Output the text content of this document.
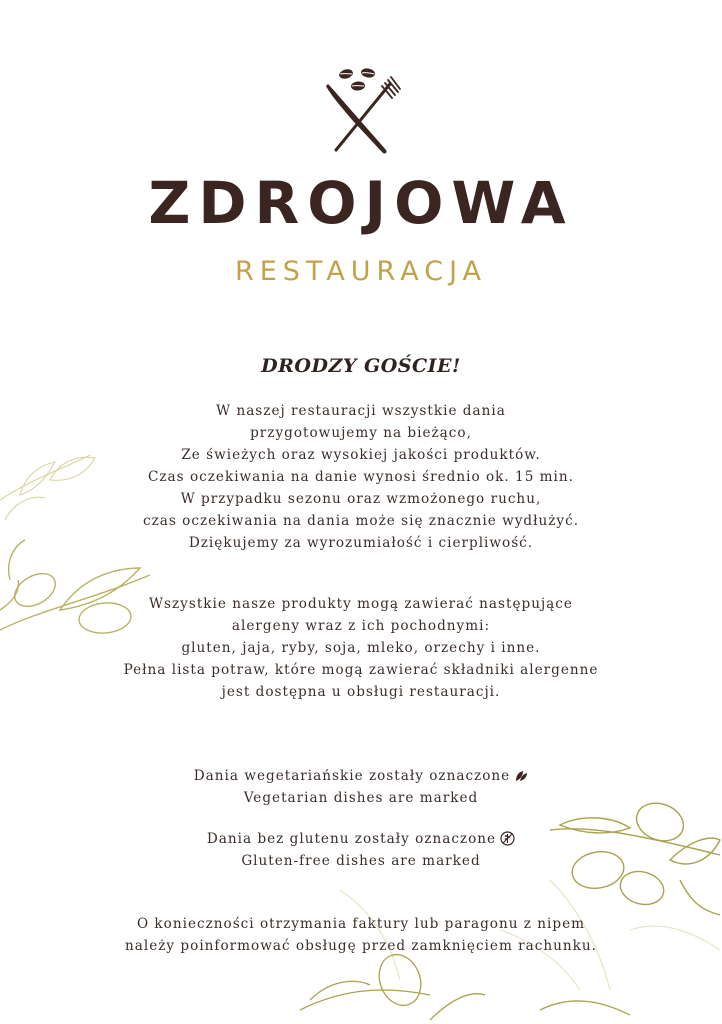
ZDROJOWA
RESTAURACJA
DRODZY GOŚCIE!
W naszej restauracji wszystkie dania
przygotowujemy na bieżąco,
Ze świeżych oraz wysokiej jakości produktów.
Czas oczekiwania na danie wynosi średnio ok. 15 min.
W przypadku sezonu oraz wzmożonego ruchu,
czas oczekiwania na dania może się znacznie wydłużyć.
Dziękujemy za wyrozumiałość i cierpliwość.
Wszystkie nasze produkty mogą zawierać następujące
alergeny wraz z ich pochodnymi:
gluten, jaja, ryby, soja, mleko, orzechy i inne.
Pełna lista potraw, które mogą zawierać składniki alergenne
jest dostępna u obsługi restauracji.
Dania wegetariańskie zostały oznaczone
Vegetarian dishes are marked
Dania bez glutenu zostały oznaczone
Gluten-free dishes are marked
O konieczności otrzymania faktury lub paragonu z nipem
należy poinformować obsługę przed zamknięciem rachunku.
